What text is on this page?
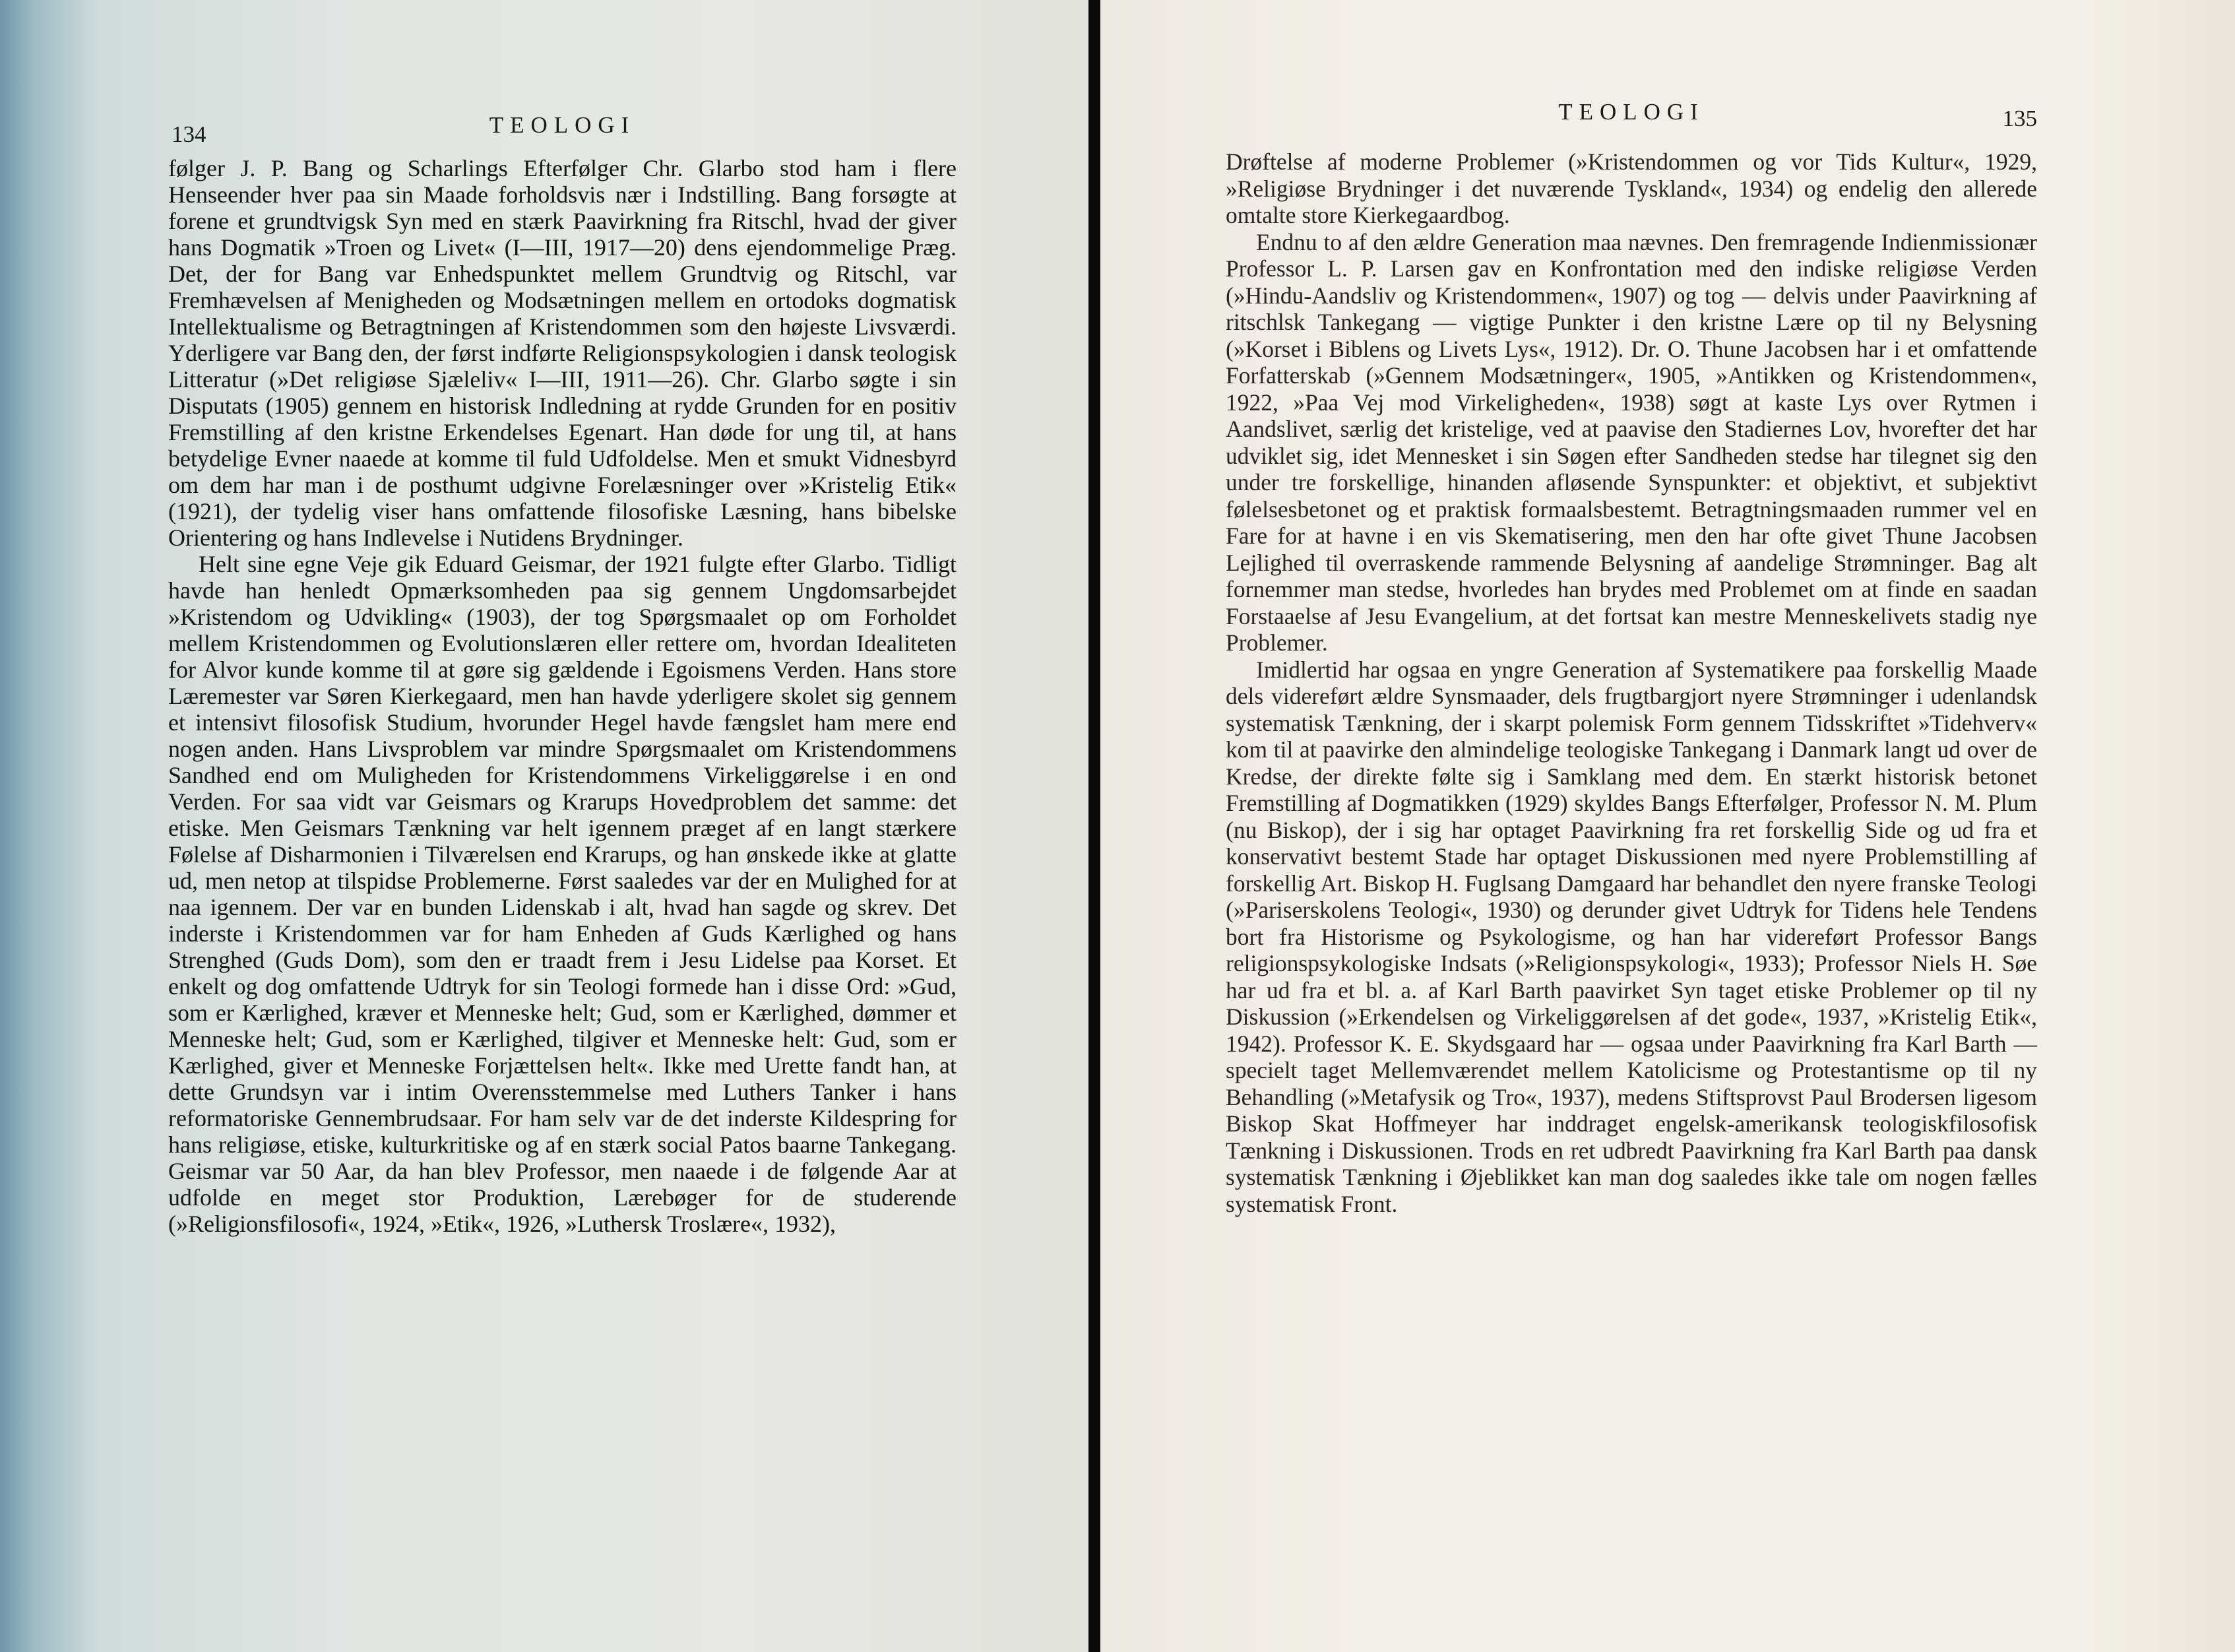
134	TEOLOGI

følger J. P. Bang og Scharlings Efterfølger Chr. Glarbo stod ham i flere Henseender hver paa sin Maade forholdsvis nær i Indstilling. Bang forsøgte at forene et grundtvigsk Syn med en stærk Paavirkning fra Ritschl, hvad der giver hans Dogmatik »Troen og Livet« (I—III, 1917—20) dens ejendommelige Præg. Det, der for Bang var Enhedspunktet mellem Grundtvig og Ritschl, var Fremhævelsen af Menigheden og Modsætningen mellem en ortodoks dogmatisk Intellektualisme og Betragtningen af Kristendommen som den højeste Livsværdi. Yderligere var Bang den, der først indførte Religionspsykologien i dansk teologisk Litteratur (»Det religiøse Sjæleliv« I—III, 1911—26). Chr. Glarbo søgte i sin Disputats (1905) gennem en historisk Indledning at rydde Grunden for en positiv Fremstilling af den kristne Erkendelses Egenart. Han døde for ung til, at hans betydelige Evner naaede at komme til fuld Udfoldelse. Men et smukt Vidnesbyrd om dem har man i de posthumt udgivne Forelæsninger over »Kristelig Etik« (1921), der tydelig viser hans omfattende filosofiske Læsning, hans bibelske Orientering og hans Indlevelse i Nutidens Brydninger.

Helt sine egne Veje gik Eduard Geismar, der 1921 fulgte efter Glarbo. Tidligt havde han henledt Opmærksomheden paa sig gennem Ungdomsarbejdet »Kristendom og Udvikling« (1903), der tog Spørgsmaalet op om Forholdet mellem Kristendommen og Evolutionslæren eller rettere om, hvordan Idealiteten for Alvor kunde komme til at gøre sig gældende i Egoismens Verden. Hans store Læremester var Søren Kierkegaard, men han havde yderligere skolet sig gennem et intensivt filosofisk Studium, hvorunder Hegel havde fængslet ham mere end nogen anden. Hans Livsproblem var mindre Spørgsmaalet om Kristendommens Sandhed end om Muligheden for Kristendommens Virkeliggørelse i en ond Verden. For saa vidt var Geismars og Krarups Hovedproblem det samme: det etiske. Men Geismars Tænkning var helt igennem præget af en langt stærkere Følelse af Disharmonien i Tilværelsen end Krarups, og han ønskede ikke at glatte ud, men netop at tilspidse Problemerne. Først saaledes var der en Mulighed for at naa igennem. Der var en bunden Lidenskab i alt, hvad han sagde og skrev. Det inderste i Kristendommen var for ham Enheden af Guds Kærlighed og hans Strenghed (Guds Dom), som den er traadt frem i Jesu Lidelse paa Korset. Et enkelt og dog omfattende Udtryk for sin Teologi formede han i disse Ord: »Gud, som er Kærlighed, kræver et Menneske helt; Gud, som er Kærlighed, dømmer et Menneske helt; Gud, som er Kærlighed, tilgiver et Menneske helt: Gud, som er Kærlighed, giver et Menneske Forjættelsen helt«. Ikke med Urette fandt han, at dette Grundsyn var i intim Overensstemmelse med Luthers Tanker i hans reformatoriske Gennembrudsaar. For ham selv var de det inderste Kildespring for hans religiøse, etiske, kulturkritiske og af en stærk social Patos baarne Tankegang. Geismar var 50 Aar, da han blev Professor, men naaede i de følgende Aar at udfolde en meget stor Produktion, Lærebøger for de studerende (»Religionsfilosofi«, 1924, »Etik«, 1926, »Luthersk Troslære«, 1932),

TEOLOGI	135

Drøftelse af moderne Problemer (»Kristendommen og vor Tids Kultur«, 1929, »Religiøse Brydninger i det nuværende Tyskland«, 1934) og endelig den allerede omtalte store Kierkegaardbog.

Endnu to af den ældre Generation maa nævnes. Den fremragende Indienmissionær Professor L. P. Larsen gav en Konfrontation med den indiske religiøse Verden (»Hindu-Aandsliv og Kristendommen«, 1907) og tog — delvis under Paavirkning af ritschlsk Tankegang — vigtige Punkter i den kristne Lære op til ny Belysning (»Korset i Biblens og Livets Lys«, 1912). Dr. O. Thune Jacobsen har i et omfattende Forfatterskab (»Gennem Modsætninger«, 1905, »Antikken og Kristendommen«, 1922, »Paa Vej mod Virkeligheden«, 1938) søgt at kaste Lys over Rytmen i Aandslivet, særlig det kristelige, ved at paavise den Stadiernes Lov, hvorefter det har udviklet sig, idet Mennesket i sin Søgen efter Sandheden stedse har tilegnet sig den under tre forskellige, hinanden afløsende Synspunkter: et objektivt, et subjektivt følelsesbetonet og et praktisk formaalsbestemt. Betragtningsmaaden rummer vel en Fare for at havne i en vis Skematisering, men den har ofte givet Thune Jacobsen Lejlighed til overraskende rammende Belysning af aandelige Strømninger. Bag alt fornemmer man stedse, hvorledes han brydes med Problemet om at finde en saadan Forstaaelse af Jesu Evangelium, at det fortsat kan mestre Menneskelivets stadig nye Problemer.

Imidlertid har ogsaa en yngre Generation af Systematikere paa forskellig Maade dels videreført ældre Synsmaader, dels frugtbargjort nyere Strømninger i udenlandsk systematisk Tænkning, der i skarpt polemisk Form gennem Tidsskriftet »Tidehverv« kom til at paavirke den almindelige teologiske Tankegang i Danmark langt ud over de Kredse, der direkte følte sig i Samklang med dem. En stærkt historisk betonet Fremstilling af Dogmatikken (1929) skyldes Bangs Efterfølger, Professor N. M. Plum (nu Biskop), der i sig har optaget Paavirkning fra ret forskellig Side og ud fra et konservativt bestemt Stade har optaget Diskussionen med nyere Problemstilling af forskellig Art. Biskop H. Fuglsang Damgaard har behandlet den nyere franske Teologi (»Pariserskolens Teologi«, 1930) og derunder givet Udtryk for Tidens hele Tendens bort fra Historisme og Psykologisme, og han har videreført Professor Bangs religionspsykologiske Indsats (»Religionspsykologi«, 1933); Professor Niels H. Søe har ud fra et bl. a. af Karl Barth paavirket Syn taget etiske Problemer op til ny Diskussion (»Erkendelsen og Virkeliggørelsen af det gode«, 1937, »Kristelig Etik«, 1942). Professor K. E. Skydsgaard har — ogsaa under Paavirkning fra Karl Barth — specielt taget Mellemværendet mellem Katolicisme og Protestantisme op til ny Behandling (»Metafysik og Tro«, 1937), medens Stiftsprovst Paul Brodersen ligesom Biskop Skat Hoffmeyer har inddraget engelsk-amerikansk teologiskfilosofisk Tænkning i Diskussionen. Trods en ret udbredt Paavirkning fra Karl Barth paa dansk systematisk Tænkning i Øjeblikket kan man dog saaledes ikke tale om nogen fælles systematisk Front.
